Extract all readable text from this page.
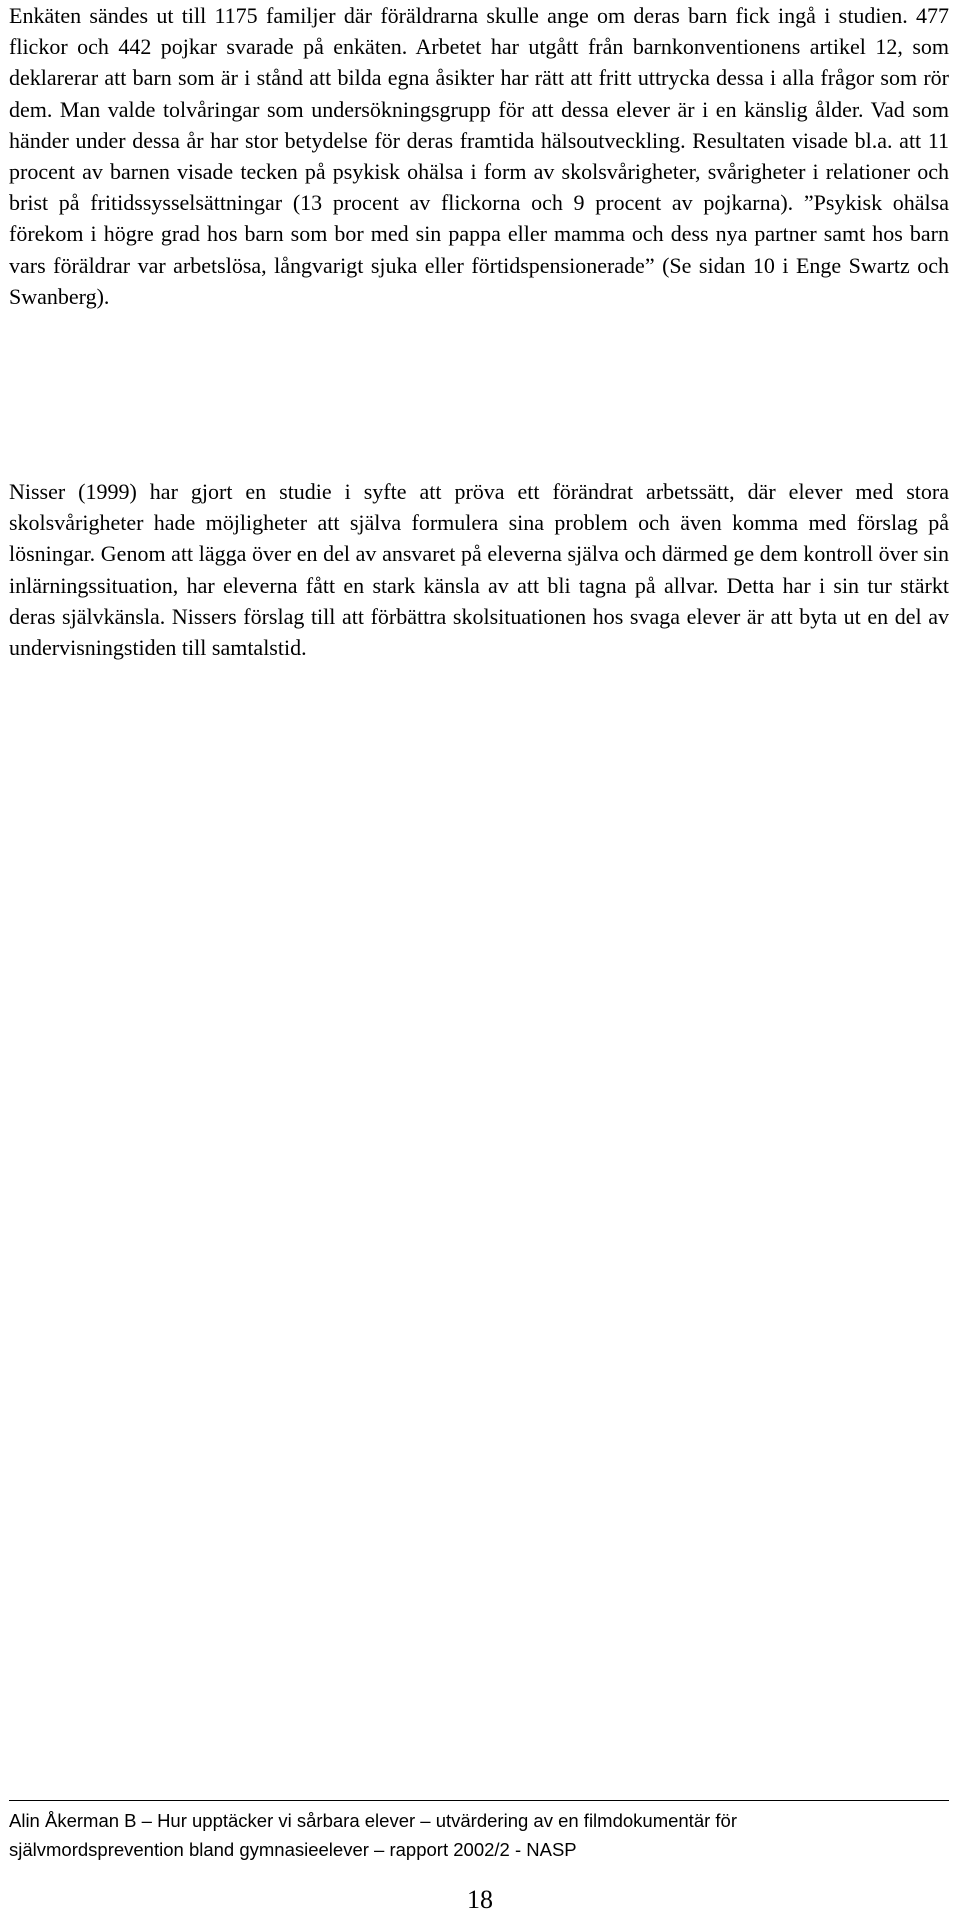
Enkäten sändes ut till 1175 familjer där föräldrarna skulle ange om deras barn fick ingå i studien. 477 flickor och 442 pojkar svarade på enkäten. Arbetet har utgått från barnkonventionens artikel 12, som deklarerar att barn som är i stånd att bilda egna åsikter har rätt att fritt uttrycka dessa i alla frågor som rör dem. Man valde tolvåringar som undersökningsgrupp för att dessa elever är i en känslig ålder. Vad som händer under dessa år har stor betydelse för deras framtida hälsoutveckling. Resultaten visade bl.a. att 11 procent av barnen visade tecken på psykisk ohälsa i form av skolsvårigheter, svårigheter i relationer och brist på fritidssysselsättningar (13 procent av flickorna och 9 procent av pojkarna). ”Psykisk ohälsa förekom i högre grad hos barn som bor med sin pappa eller mamma och dess nya partner samt hos barn vars föräldrar var arbetslösa, långvarigt sjuka eller förtidspensionerade” (Se sidan 10 i Enge Swartz och Swanberg).

Nisser (1999) har gjort en studie i syfte att pröva ett förändrat arbetssätt, där elever med stora skolsvårigheter hade möjligheter att själva formulera sina problem och även komma med förslag på lösningar. Genom att lägga över en del av ansvaret på eleverna själva och därmed ge dem kontroll över sin inlärningssituation, har eleverna fått en stark känsla av att bli tagna på allvar. Detta har i sin tur stärkt deras självkänsla. Nissers förslag till att förbättra skolsituationen hos svaga elever är att byta ut en del av undervisningstiden till samtalstid.

Alin Åkerman B – Hur upptäcker vi sårbara elever – utvärdering av en filmdokumentär för
självmordsprevention bland gymnasieelever – rapport 2002/2 - NASP
18
